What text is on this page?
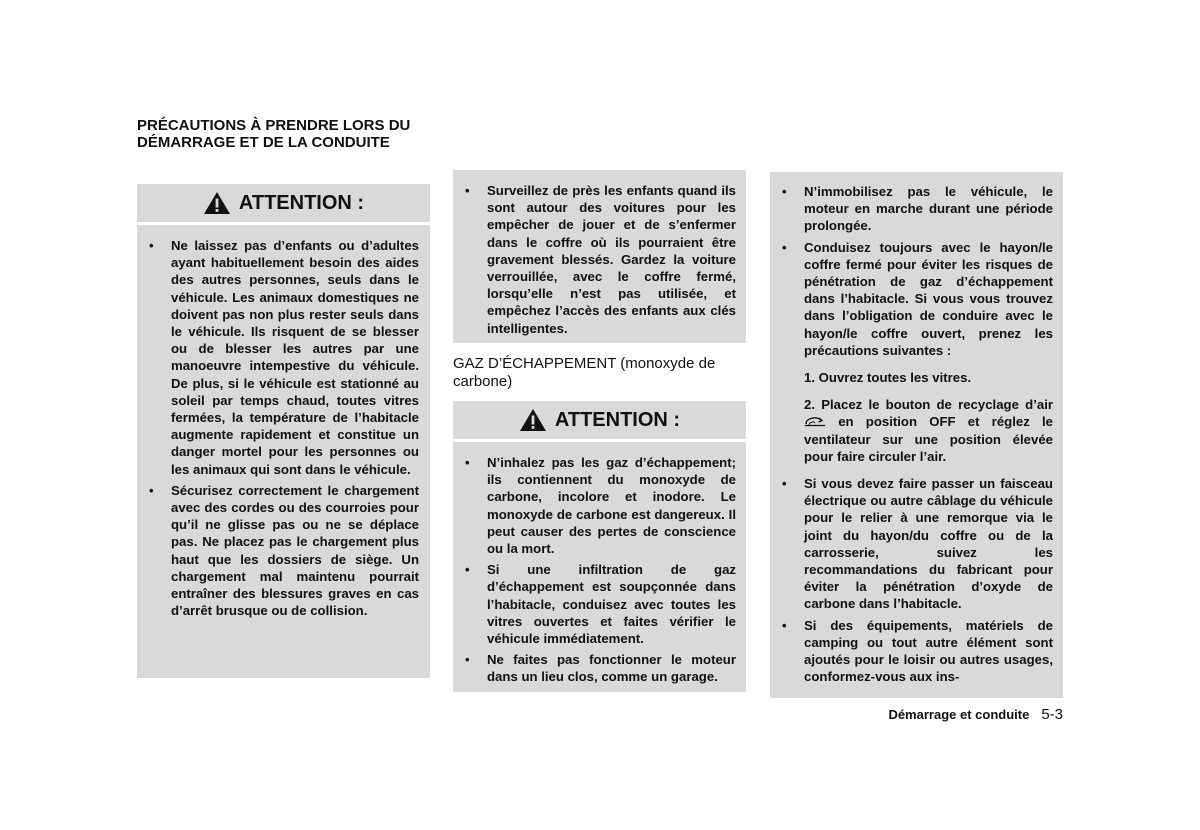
PRÉCAUTIONS À PRENDRE LORS DU DÉMARRAGE ET DE LA CONDUITE
ATTENTION :
• Ne laissez pas d’enfants ou d’adultes ayant habituellement besoin des aides des autres personnes, seuls dans le véhicule. Les animaux domestiques ne doivent pas non plus rester seuls dans le véhicule. Ils risquent de se blesser ou de blesser les autres par une manoeuvre intempestive du véhicule. De plus, si le véhicule est stationné au soleil par temps chaud, toutes vitres fermées, la température de l’habitacle augmente rapidement et constitue un danger mortel pour les personnes ou les animaux qui sont dans le véhicule.
• Sécurisez correctement le chargement avec des cordes ou des courroies pour qu’il ne glisse pas ou ne se déplace pas. Ne placez pas le chargement plus haut que les dossiers de siège. Un chargement mal maintenu pourrait entraîner des blessures graves en cas d’arrêt brusque ou de collision.
• Surveillez de près les enfants quand ils sont autour des voitures pour les empêcher de jouer et de s’enfermer dans le coffre où ils pourraient être gravement blessés. Gardez la voiture verrouillée, avec le coffre fermé, lorsqu’elle n’est pas utilisée, et empêchez l’accès des enfants aux clés intelligentes.
GAZ D’ÉCHAPPEMENT (monoxyde de carbone)
ATTENTION :
• N’inhalez pas les gaz d’échappement; ils contiennent du monoxyde de carbone, incolore et inodore. Le monoxyde de carbone est dangereux. Il peut causer des pertes de conscience ou la mort.
• Si une infiltration de gaz d’échappement est soupçonnée dans l’habitacle, conduisez avec toutes les vitres ouvertes et faites vérifier le véhicule immédiatement.
• Ne faites pas fonctionner le moteur dans un lieu clos, comme un garage.
• N’immobilisez pas le véhicule, le moteur en marche durant une période prolongée.
• Conduisez toujours avec le hayon/le coffre fermé pour éviter les risques de pénétration de gaz d’échappement dans l’habitacle. Si vous vous trouvez dans l’obligation de conduire avec le hayon/le coffre ouvert, prenez les précautions suivantes :
1. Ouvrez toutes les vitres.
2. Placez le bouton de recyclage d’air  en position OFF et réglez le ventilateur sur une position élevée pour faire circuler l’air.
• Si vous devez faire passer un faisceau électrique ou autre câblage du véhicule pour le relier à une remorque via le joint du hayon/du coffre ou de la carrosserie, suivez les recommandations du fabricant pour éviter la pénétration d’oxyde de carbone dans l’habitacle.
• Si des équipements, matériels de camping ou tout autre élément sont ajoutés pour le loisir ou autres usages, conformez-vous aux ins-
Démarrage et conduite 5-3
